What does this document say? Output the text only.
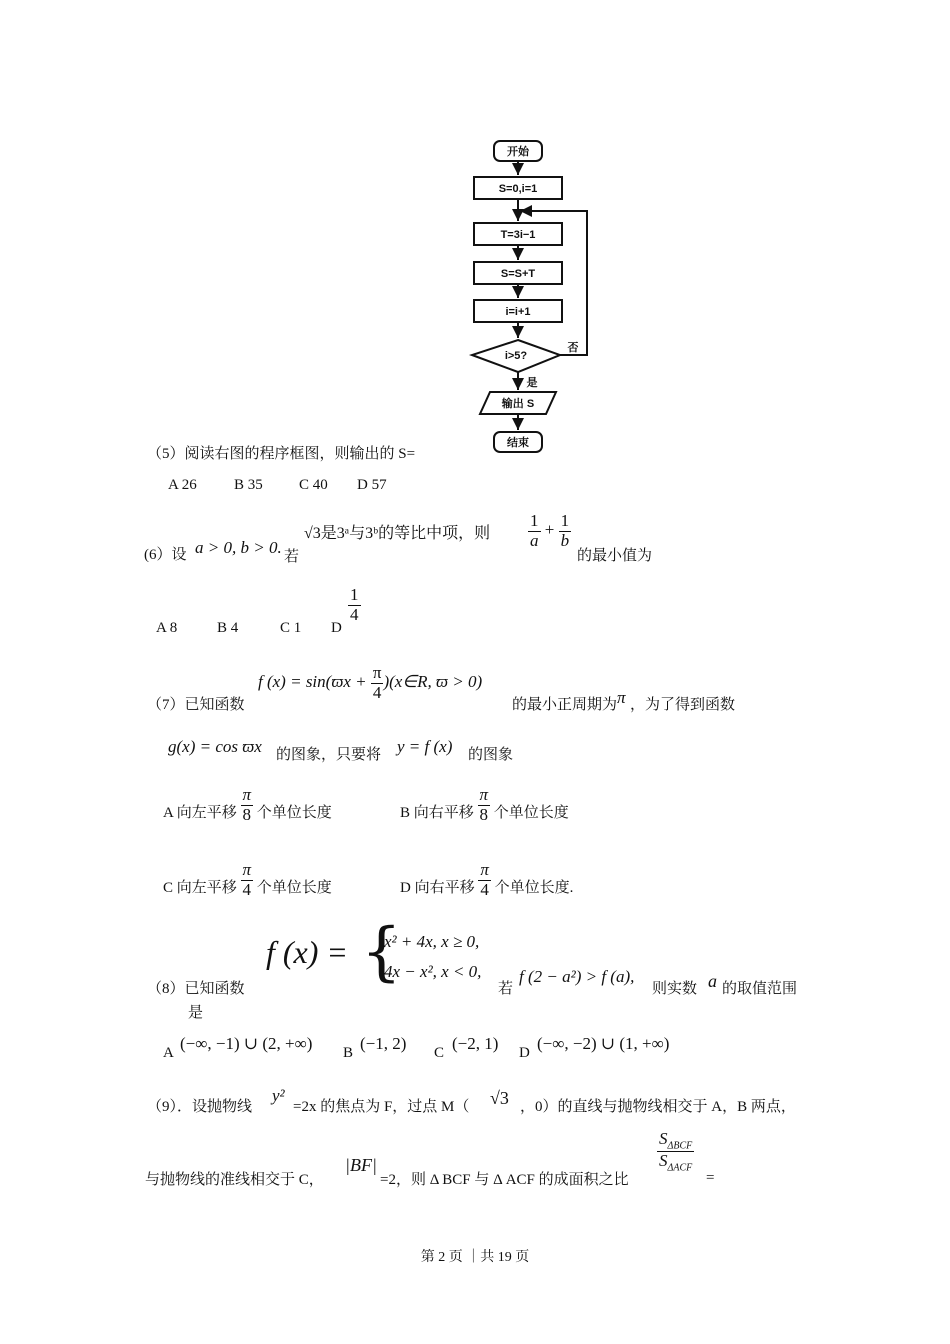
开始
S=0,i=1
T=3i−1
S=S+T
i=i+1
i>5?
否
是
输出 S
结束
（5）阅读右图的程序框图，则输出的 S=
A 26 B 35 C 40 D 57
(6）设 a > 0, b > 0. 若
√3是3ᵃ与3ᵇ的等比中项，则 $\frac{1}{a} + \frac{1}{b}$
的最小值为
A 8	B 4	C 1 D
$\frac{1}{4}$
（7）已知函数
f $(x) = \sin(ϖx + \frac{\pi}{4}$ )(x∈R, ϖ > 0)
的最小正周期为 π ，为了得到函数
g(x) = cos ϖx 的图象，只要将 y = f (x) 的图象
A 向左平移 $\frac{\pi}{8}$ 个单位长度	B 向右平移 $\frac{\pi}{8}$ 个单位长度
C 向左平移 $\frac{\pi}{4}$ 个单位长度	D 向右平移 $\frac{\pi}{4}$ 个单位长度.
（8）已知函数
f (x) = {
x² + 4x, x ≥ 0,
4x − x², x < 0,
若
f (2 − a²) > f (a),
则实数 a 的取值范围
是
A (−∞, −1) ∪ (2, +∞) B (−1, 2) C (−2, 1) D (−∞, −2) ∪ (1, +∞)
（9）．设抛物线
y²
=2x 的焦点为 F，过点 M（ √3 ，0）的直线与抛物线相交于 A，B 两点，
与抛物线的准线相交于 C，
|BF|
=2，则 Δ BCF 与 Δ ACF 的成面积之比
$\frac{S_{\Delta BCF}}{S_{\Delta ACF}}$
=
第 2 页 ｜共 19 页
